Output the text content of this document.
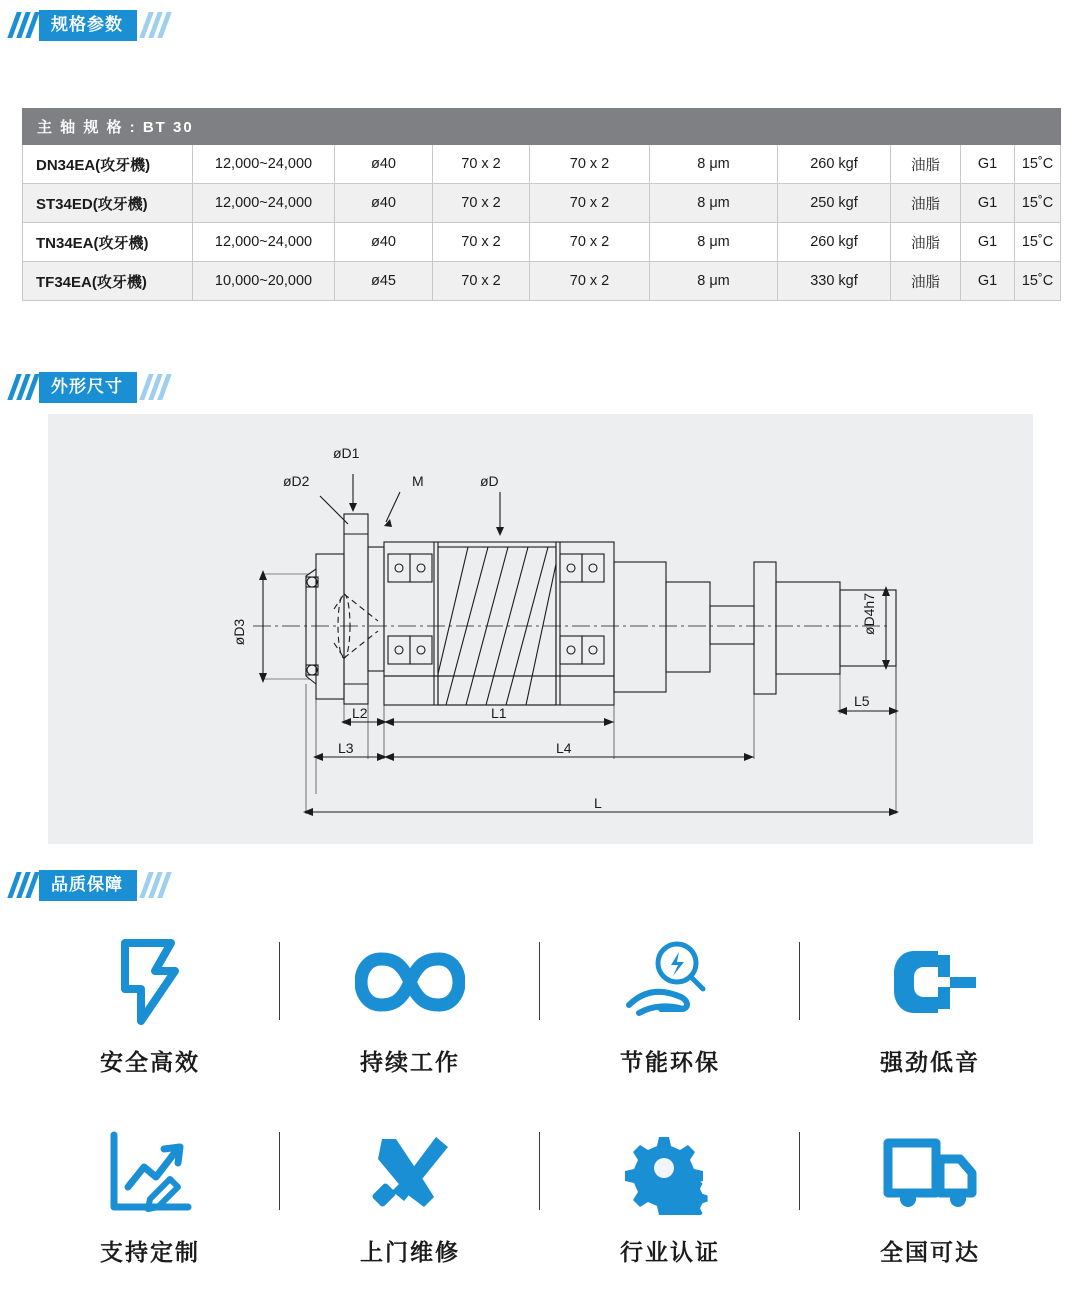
规格参数
主 轴 规 格 : BT 30									
DN34EA(攻牙機)	12,000~24,000	ø40	70 x 2	70 x 2	8 μm	260 kgf	油脂	G1	15˚C
ST34ED(攻牙機)	12,000~24,000	ø40	70 x 2	70 x 2	8 μm	250 kgf	油脂	G1	15˚C
TN34EA(攻牙機)	12,000~24,000	ø40	70 x 2	70 x 2	8 μm	260 kgf	油脂	G1	15˚C
TF34EA(攻牙機)	10,000~20,000	ø45	70 x 2	70 x 2	8 μm	330 kgf	油脂	G1	15˚C
外形尺寸
øD1
øD2	M	øD
øD3	øD4h7
L2	L1
L3	L4
L5
L
品质保障
安全高效	持续工作	节能环保	强劲低音
支持定制	上门维修	行业认证	全国可达
